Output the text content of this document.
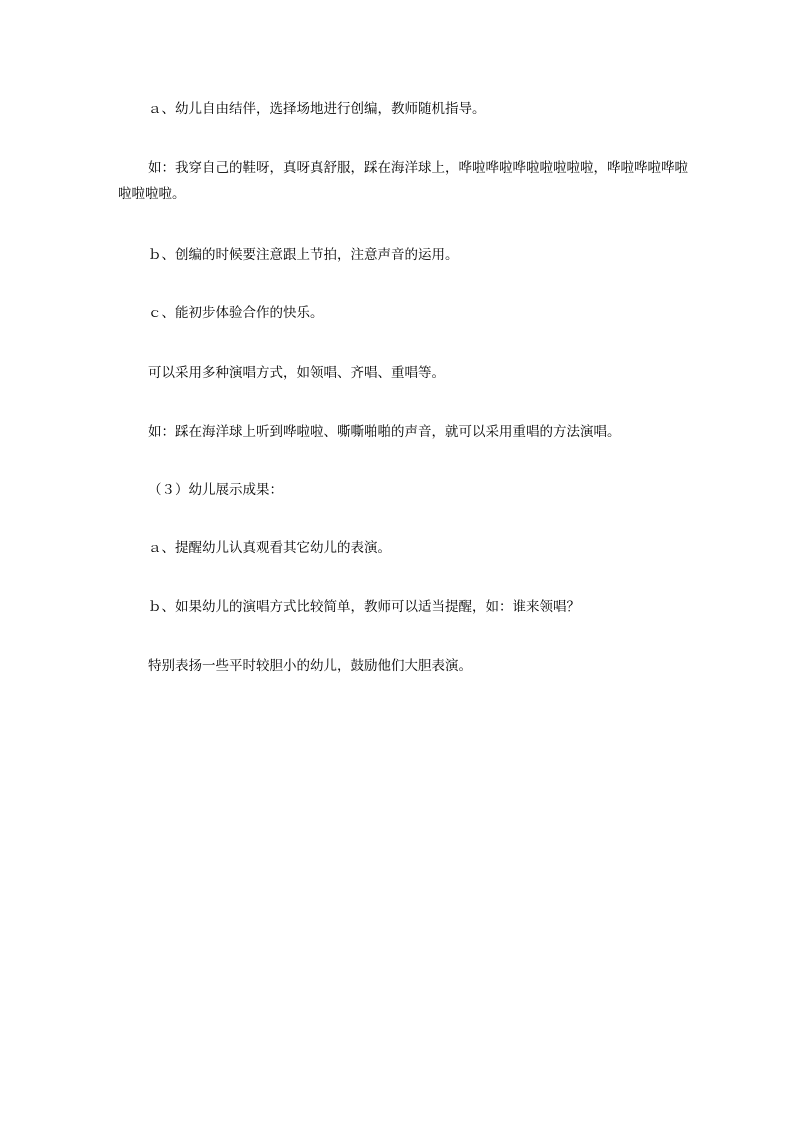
ａ、幼儿自由结伴，选择场地进行创编，教师随机指导。

如：我穿自己的鞋呀，真呀真舒服，踩在海洋球上，哗啦哗啦哗啦啦啦啦啦，哗啦哗啦哗啦啦啦啦啦。

ｂ、创编的时候要注意跟上节拍，注意声音的运用。

ｃ、能初步体验合作的快乐。

可以采用多种演唱方式，如领唱、齐唱、重唱等。

如：踩在海洋球上听到哗啦啦、嘶嘶啪啪的声音，就可以采用重唱的方法演唱。

（３）幼儿展示成果：

ａ、提醒幼儿认真观看其它幼儿的表演。

ｂ、如果幼儿的演唱方式比较简单，教师可以适当提醒，如：谁来领唱？

特别表扬一些平时较胆小的幼儿，鼓励他们大胆表演。
